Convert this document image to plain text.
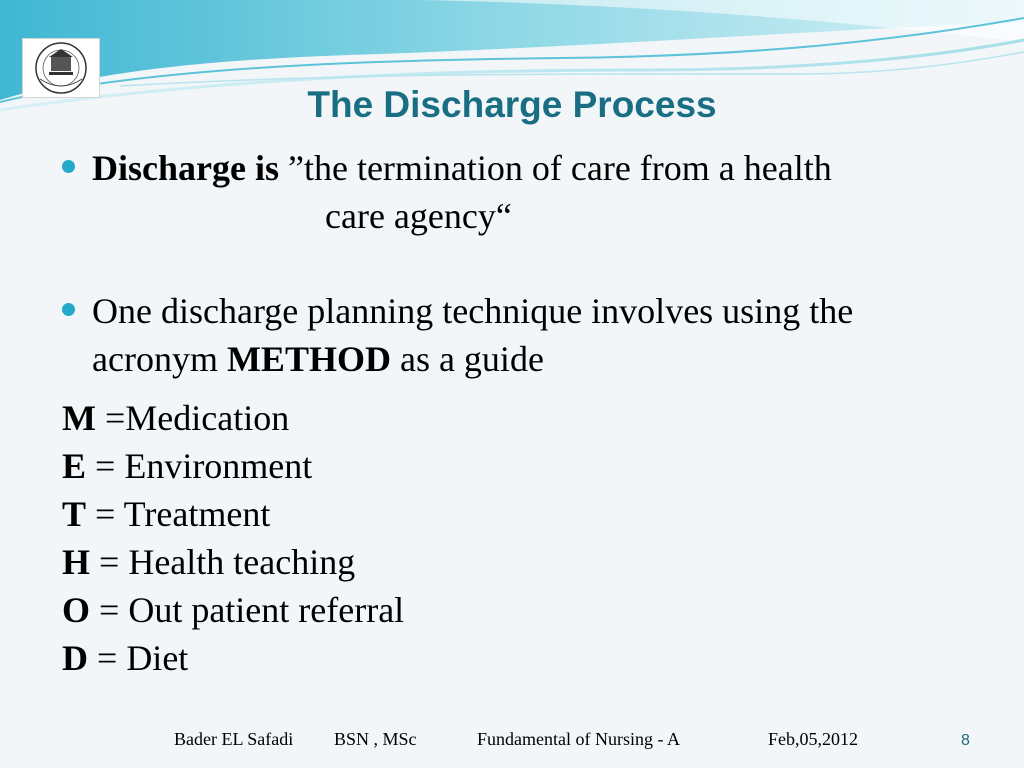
The Discharge Process
Discharge is ”the termination of care from a health
care agency“
One discharge planning technique involves using the acronym METHOD as a guide
M =Medication
E = Environment
T = Treatment
H = Health teaching
O = Out patient referral
D = Diet
Bader EL Safadi BSN , MSc	Fundamental of Nursing - A	Feb,05,2012	8
